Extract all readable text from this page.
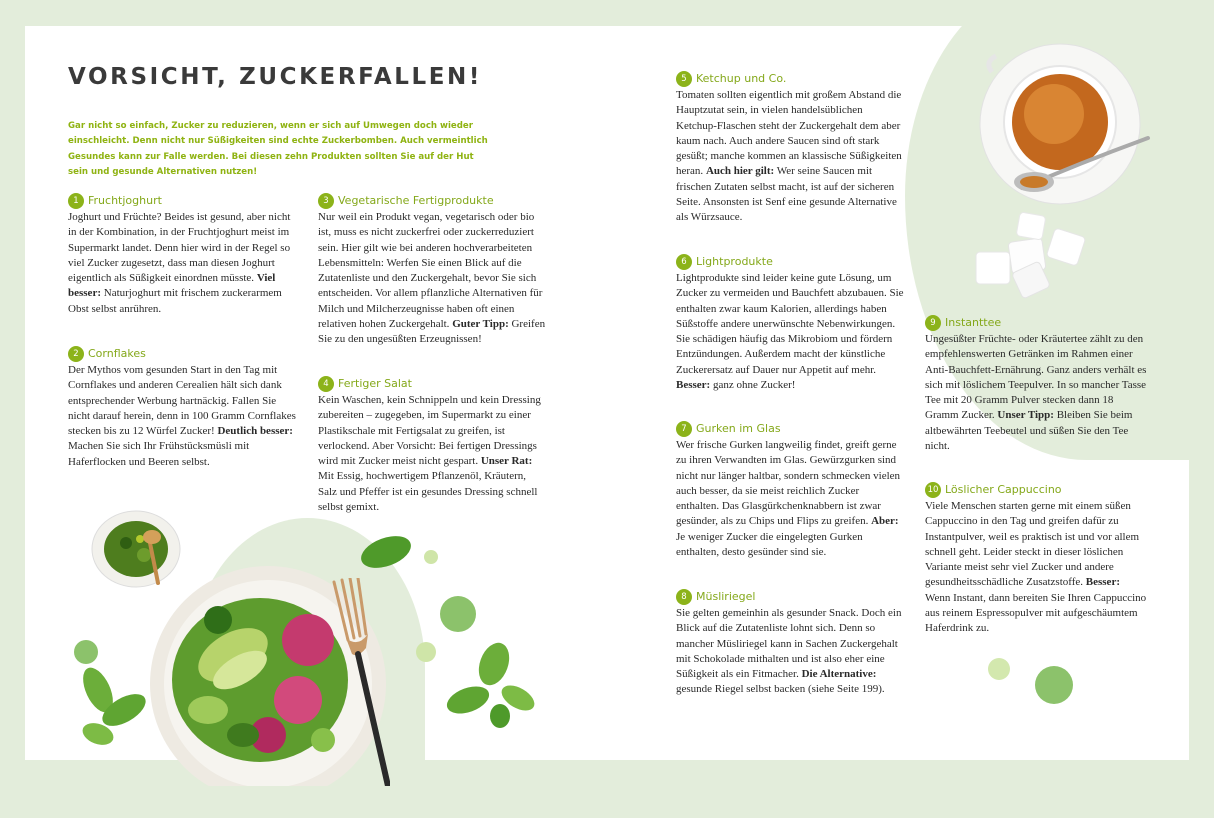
VORSICHT, ZUCKERFALLEN!

Gar nicht so einfach, Zucker zu reduzieren, wenn er sich auf Umwegen doch wieder einschleicht. Denn nicht nur Süßigkeiten sind echte Zuckerbomben. Auch vermeintlich Gesundes kann zur Falle werden. Bei diesen zehn Produkten sollten Sie auf der Hut sein und gesunde Alternativen nutzen!

1 Fruchtjoghurt

Joghurt und Früchte? Beides ist gesund, aber nicht in der Kombination, in der Fruchtjoghurt meist im Supermarkt landet. Denn hier wird in der Regel so viel Zucker zugesetzt, dass man diesen Joghurt eigentlich als Süßigkeit einordnen müsste. Viel besser: Naturjoghurt mit frischem zuckerarmem Obst selbst anrühren.

2 Cornflakes

Der Mythos vom gesunden Start in den Tag mit Cornflakes und anderen Cerealien hält sich dank entsprechender Werbung hartnäckig. Fallen Sie nicht darauf herein, denn in 100 Gramm Cornflakes stecken bis zu 12 Würfel Zucker! Deutlich besser: Machen Sie sich Ihr Frühstücksmüsli mit Haferflocken und Beeren selbst.

3 Vegetarische Fertigprodukte

Nur weil ein Produkt vegan, vegetarisch oder bio ist, muss es nicht zuckerfrei oder zuckerreduziert sein. Hier gilt wie bei anderen hochverarbeiteten Lebensmitteln: Werfen Sie einen Blick auf die Zutatenliste und den Zuckergehalt, bevor Sie sich entscheiden. Vor allem pflanzliche Alternativen für Milch und Milcherzeugnisse haben oft einen relativen hohen Zuckergehalt. Guter Tipp: Greifen Sie zu den ungesüßten Erzeugnissen!

4 Fertiger Salat

Kein Waschen, kein Schnippeln und kein Dressing zubereiten – zugegeben, im Supermarkt zu einer Plastikschale mit Fertigsalat zu greifen, ist verlockend. Aber Vorsicht: Bei fertigen Dressings wird mit Zucker meist nicht gespart. Unser Rat: Mit Essig, hochwertigem Pflanzenöl, Kräutern, Salz und Pfeffer ist ein gesundes Dressing schnell selbst gemixt.

5 Ketchup und Co.

Tomaten sollten eigentlich mit großem Abstand die Hauptzutat sein, in vielen handelsüblichen Ketchup-Flaschen steht der Zuckergehalt dem aber kaum nach. Auch andere Saucen sind oft stark gesüßt; manche kommen an klassische Süßigkeiten heran. Auch hier gilt: Wer seine Saucen mit frischen Zutaten selbst macht, ist auf der sicheren Seite. Ansonsten ist Senf eine gesunde Alternative als Würzsauce.

6 Lightprodukte

Lightprodukte sind leider keine gute Lösung, um Zucker zu vermeiden und Bauchfett abzubauen. Sie enthalten zwar kaum Kalorien, allerdings haben Süßstoffe andere unerwünschte Nebenwirkungen. Sie schädigen häufig das Mikrobiom und fördern Entzündungen. Außerdem macht der künstliche Zuckerersatz auf Dauer nur Appetit auf mehr. Besser: ganz ohne Zucker!

7 Gurken im Glas

Wer frische Gurken langweilig findet, greift gerne zu ihren Verwandten im Glas. Gewürzgurken sind nicht nur länger haltbar, sondern schmecken vielen auch besser, da sie meist reichlich Zucker enthalten. Das Glasgürkchenknabbern ist zwar gesünder, als zu Chips und Flips zu greifen. Aber: Je weniger Zucker die eingelegten Gurken enthalten, desto gesünder sind sie.

8 Müsliriegel

Sie gelten gemeinhin als gesunder Snack. Doch ein Blick auf die Zutatenliste lohnt sich. Denn so mancher Müsliriegel kann in Sachen Zuckergehalt mit Schokolade mithalten und ist also eher eine Süßigkeit als ein Fitmacher. Die Alternative: gesunde Riegel selbst backen (siehe Seite 199).

9 Instanttee

Ungesüßter Früchte- oder Kräutertee zählt zu den empfehlenswerten Getränken im Rahmen einer Anti-Bauchfett-Ernährung. Ganz anders verhält es sich mit löslichem Teepulver. In so mancher Tasse Tee mit 20 Gramm Pulver stecken dann 18 Gramm Zucker. Unser Tipp: Bleiben Sie beim altbewährten Teebeutel und süßen Sie den Tee nicht.

10 Löslicher Cappuccino

Viele Menschen starten gerne mit einem süßen Cappuccino in den Tag und greifen dafür zu Instantpulver, weil es praktisch ist und vor allem schnell geht. Leider steckt in dieser löslichen Variante meist sehr viel Zucker und andere gesundheitsschädliche Zusatzstoffe. Besser: Wenn Instant, dann bereiten Sie Ihren Cappuccino aus reinem Espressopulver mit aufgeschäumtem Haferdrink zu.
